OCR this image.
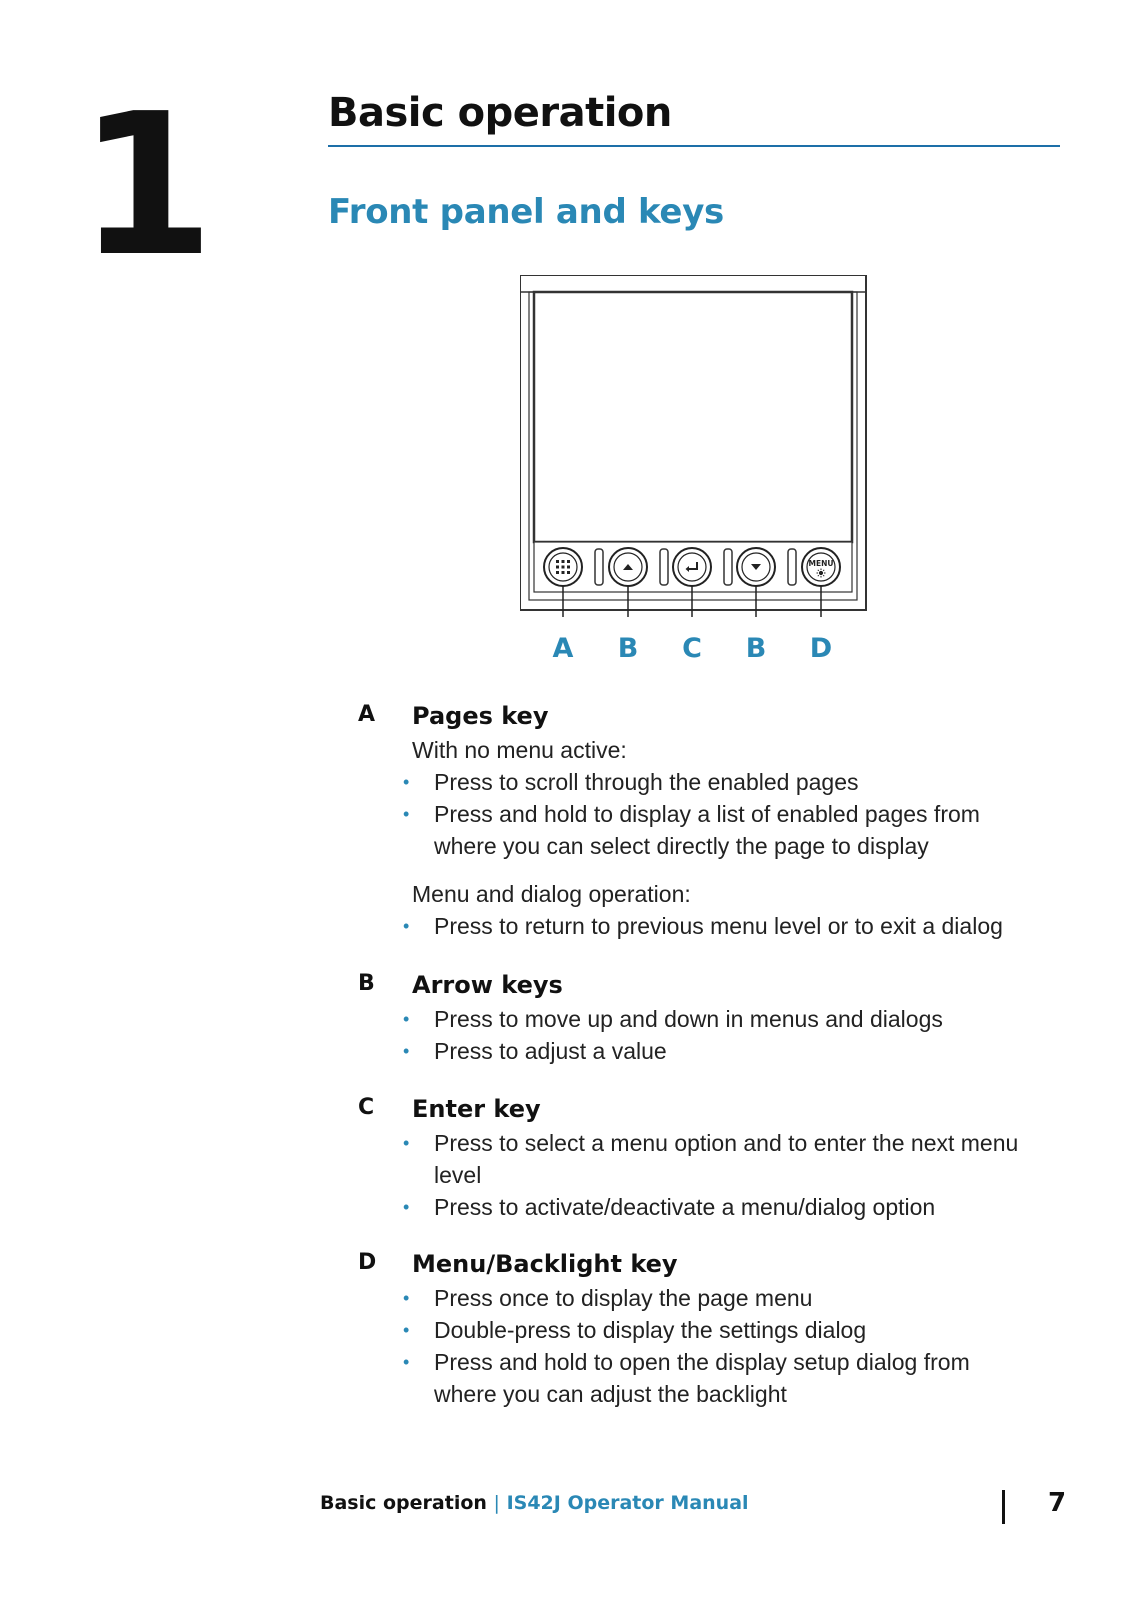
1	Basic operation
Front panel and keys
MENU
A B C B D
A Pages key

With no menu active:

• Press to scroll through the enabled pages
• Press and hold to display a list of enabled pages from
where you can select directly the page to display

Menu and dialog operation:

• Press to return to previous menu level or to exit a dialog
B Arrow keys
• Press to move up and down in menus and dialogs
• Press to adjust a value
C Enter key
• Press to select a menu option and to enter the next menu
level
• Press to activate/deactivate a menu/dialog option
D Menu/Backlight key
• Press once to display the page menu
• Double-press to display the settings dialog
• Press and hold to open the display setup dialog from
where you can adjust the backlight
Basic operation | IS42J Operator Manual	7
